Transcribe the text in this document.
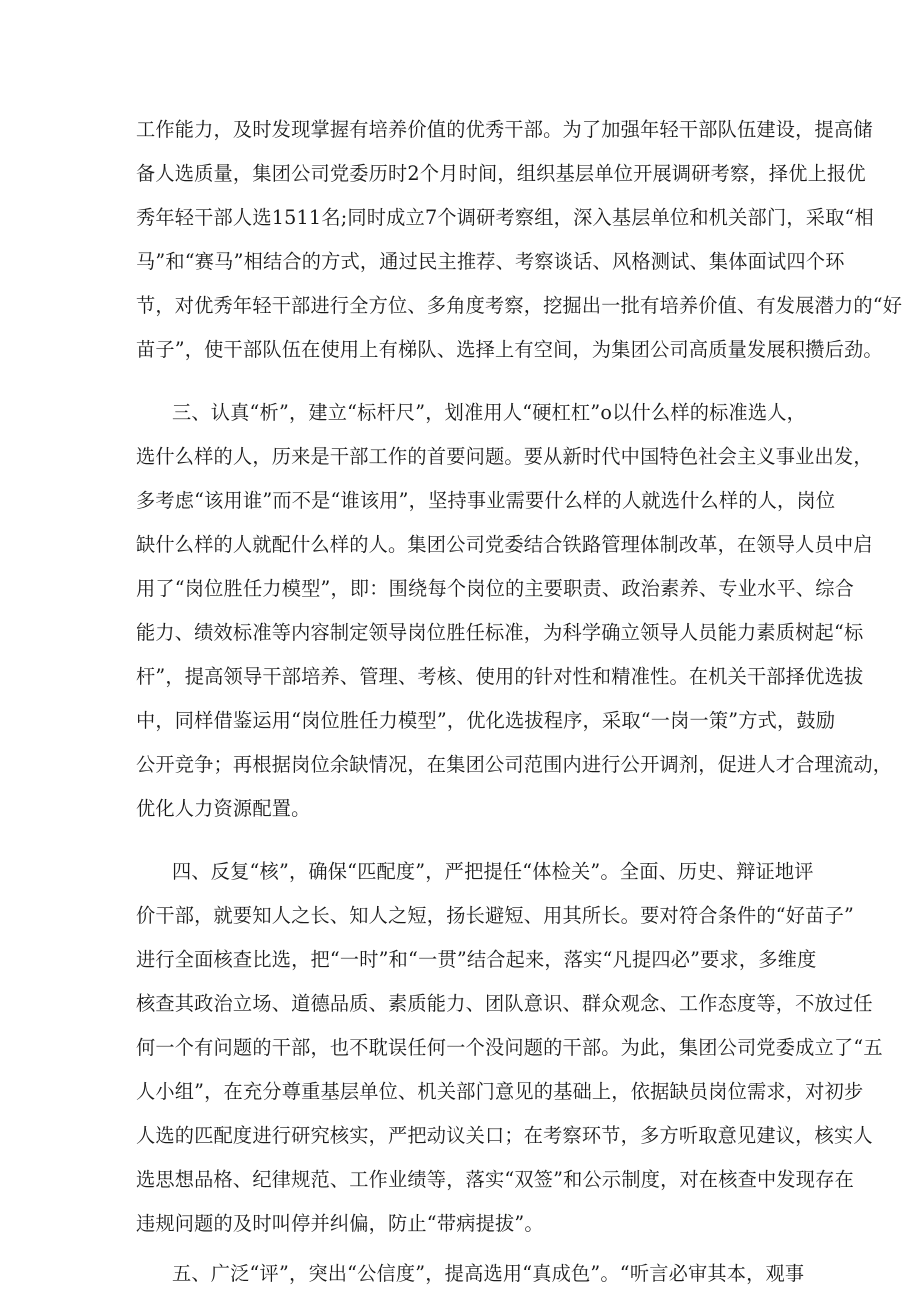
工作能力，及时发现掌握有培养价值的优秀干部。为了加强年轻干部队伍建设，提高储
备人选质量，集团公司党委历时2个月时间，组织基层单位开展调研考察，择优上报优
秀年轻干部人选1511名;同时成立7个调研考察组，深入基层单位和机关部门，采取“相
马”和“赛马”相结合的方式，通过民主推荐、考察谈话、风格测试、集体面试四个环
节，对优秀年轻干部进行全方位、多角度考察，挖掘出一批有培养价值、有发展潜力的“好
苗子”，使干部队伍在使用上有梯队、选择上有空间，为集团公司高质量发展积攒后劲。
三、认真“析”，建立“标杆尺”，划准用人“硬杠杠”o以什么样的标准选人，
选什么样的人，历来是干部工作的首要问题。要从新时代中国特色社会主义事业出发，
多考虑“该用谁”而不是“谁该用”，坚持事业需要什么样的人就选什么样的人，岗位
缺什么样的人就配什么样的人。集团公司党委结合铁路管理体制改革，在领导人员中启
用了“岗位胜任力模型”，即：围绕每个岗位的主要职责、政治素养、专业水平、综合
能力、绩效标准等内容制定领导岗位胜任标准，为科学确立领导人员能力素质树起“标
杆”，提高领导干部培养、管理、考核、使用的针对性和精准性。在机关干部择优选拔
中，同样借鉴运用“岗位胜任力模型”，优化选拔程序，采取“一岗一策”方式，鼓励
公开竞争；再根据岗位余缺情况，在集团公司范围内进行公开调剂，促进人才合理流动，
优化人力资源配置。
四、反复“核”，确保“匹配度”，严把提任“体检关”。全面、历史、辩证地评
价干部，就要知人之长、知人之短，扬长避短、用其所长。要对符合条件的“好苗子”
进行全面核查比选，把“一时”和“一贯”结合起来，落实“凡提四必”要求，多维度
核查其政治立场、道德品质、素质能力、团队意识、群众观念、工作态度等，不放过任
何一个有问题的干部，也不耽误任何一个没问题的干部。为此，集团公司党委成立了“五
人小组”，在充分尊重基层单位、机关部门意见的基础上，依据缺员岗位需求，对初步
人选的匹配度进行研究核实，严把动议关口；在考察环节，多方听取意见建议，核实人
选思想品格、纪律规范、工作业绩等，落实“双签”和公示制度，对在核查中发现存在
违规问题的及时叫停并纠偏，防止“带病提拔”。
五、广泛“评”，突出“公信度”，提高选用“真成色”。“听言必审其本，观事
